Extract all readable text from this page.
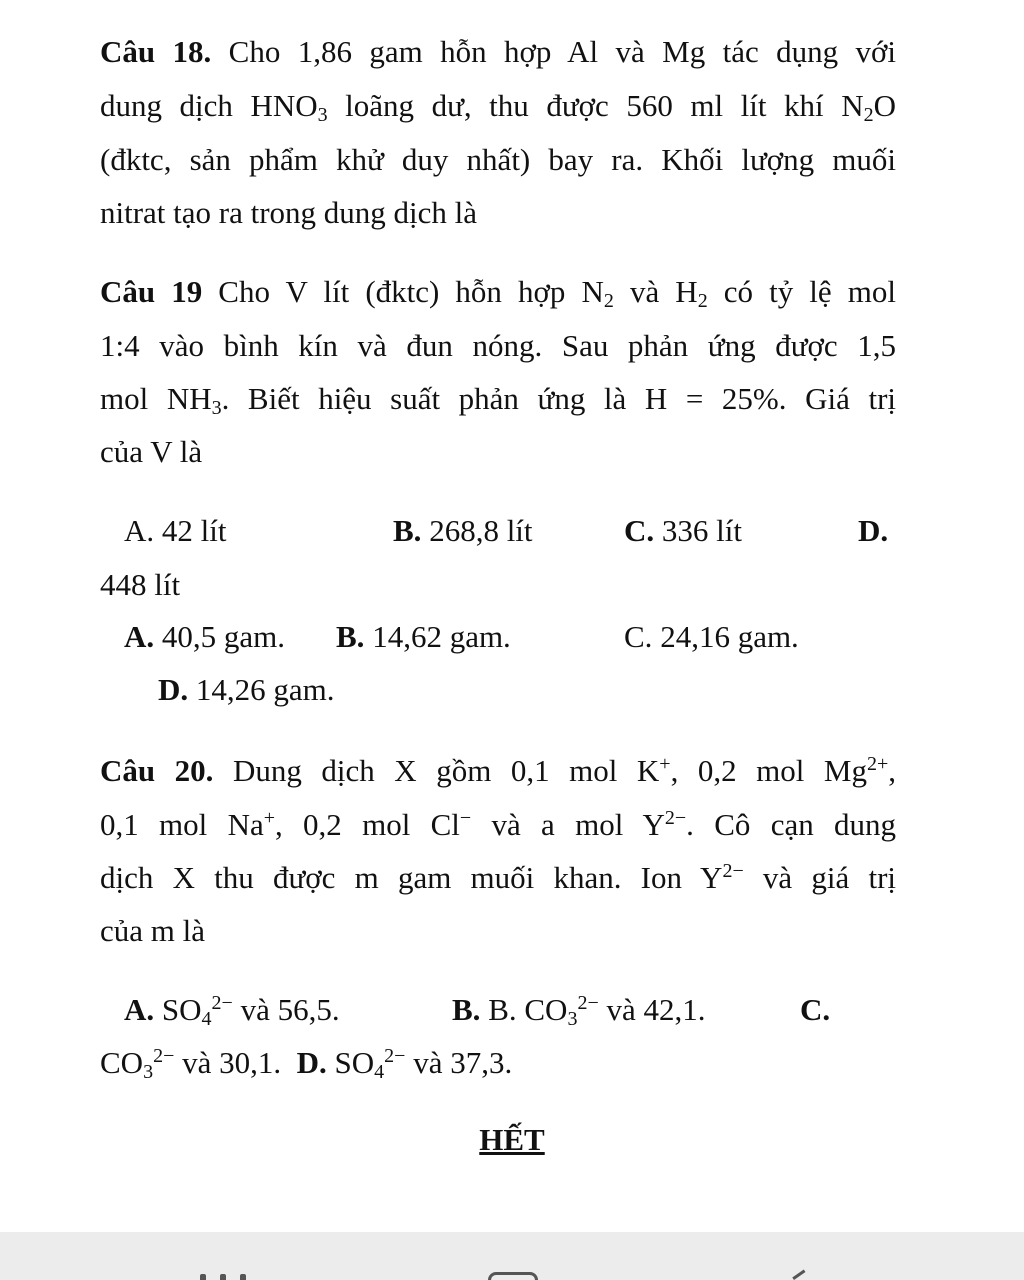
Câu 18. Cho 1,86 gam hỗn hợp Al và Mg tác dụng với
dung dịch $HNO_3$ loãng dư, thu được 560 ml lít khí $N_2O$
(đktc, sản phẩm khử duy nhất) bay ra. Khối lượng muối
nitrat tạo ra trong dung dịch là
Câu 19 Cho V lít (đktc) hỗn hợp $N_2$ và $H_2$ có tỷ lệ mol
1:4 vào bình kín và đun nóng. Sau phản ứng được 1,5
mol $NH_3$. Biết hiệu suất phản ứng là H = 25%. Giá trị
của V là
A. 42 lít	B. 268,8 lít	C. 336 lít	D.
448 lít
A. 40,5 gam. B. 14,62 gam.	C. 24,16 gam.
D. 14,26 gam.
Câu 20. Dung dịch X gồm 0,1 mol K+, 0,2 mol $Mg^{2+}$,
0,1 mol Na+, 0,2 mol Cl− và a mol $Y^{2-}$. Cô cạn dung
dịch X thu được m gam muối khan. Ion $Y^{2-}$ và giá trị
của m là
A. $SO_4^{2-}$ và 56,5.	B. B. $CO_3^{2-}$ và 42,1.	C.
$CO_3^{2-}$ và 30,1. D. $SO_4^{2-}$ và 37,3.
HẾT
